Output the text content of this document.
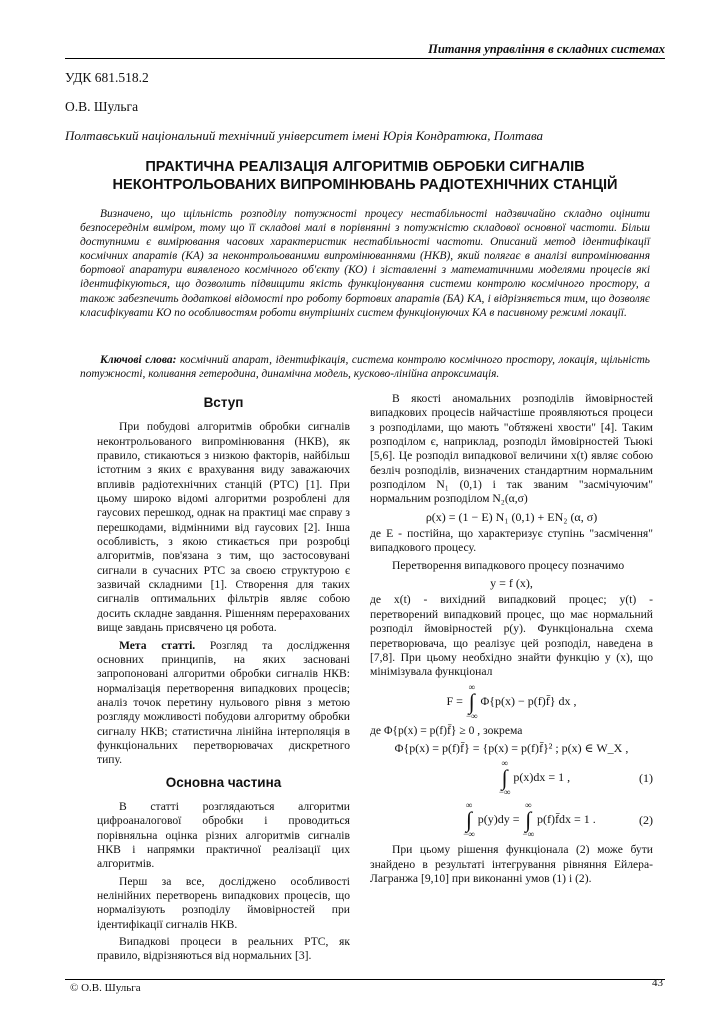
Питання управління в складних системах
УДК 681.518.2
О.В. Шульга
Полтавський національний технічний університет імені Юрія Кондратюка, Полтава
ПРАКТИЧНА РЕАЛІЗАЦІЯ АЛГОРИТМІВ ОБРОБКИ СИГНАЛІВ
НЕКОНТРОЛЬОВАНИХ ВИПРОМІНЮВАНЬ РАДІОТЕХНІЧНИХ СТАНЦІЙ
Визначено, що щільність розподілу потужності процесу нестабільності надзвичайно складно оцінити безпосереднім виміром, тому що її складові малі в порівнянні з потужністю складової основної частоти. Більш доступними є вимірювання часових характеристик нестабільності частоти. Описаний метод ідентифікації космічних апаратів (КА) за неконтрольованими випромінюваннями (НКВ), який полягає в аналізі випромінювання бортової апаратури виявленого космічного об'єкту (КО) і зіставленні з математичними моделями процесів які ідентифікуються, що дозволить підвищити якість функціонування системи контролю космічного простору, а також забезпечить додаткові відомості про роботу бортових апаратів (БА) КА, і відрізняється тим, що дозволяє класифікувати КО по особливостям роботи внутрішніх систем функціонуючих КА в пасивному режимі локації.
Ключові слова: космічний апарат, ідентифікація, система контролю космічного простору, локація, щільність потужності, коливання гетеродина, динамічна модель, кусково-лінійна апроксимація.
Вступ

При побудові алгоритмів обробки сигналів неконтрольованого випромінювання (НКВ), як правило, стикаються з низкою факторів, найбільш істотним з яких є врахування виду заважаючих впливів радіотехнічних станцій (РТС) [1]. При цьому широко відомі алгоритми розроблені для гаусових перешкод, однак на практиці має справу з перешкодами, відмінними від гаусових [2]. Інша особливість, з якою стикається при розробці алгоритмів, пов'язана з тим, що застосовувані сигнали в сучасних РТС за своєю структурою є зазвичай складними [1]. Створення для таких сигналів оптимальних фільтрів являє собою досить складне завдання. Рішенням перерахованих вище завдань присвячено ця робота.

Мета статті. Розгляд та дослідження основних принципів, на яких засновані запропоновані алгоритми обробки сигналів НКВ: нормалізація перетворення випадкових процесів; аналіз точок перетину нульового рівня з метою розгляду можливості побудови алгоритму обробки сигналу НКВ; статистична лінійна інтерполяція в функціональних перетворювачах дискретного типу.

Основна частина

В статті розглядаються алгоритми цифроаналогової обробки і проводиться порівняльна оцінка різних алгоритмів сигналів НКВ і напрямки практичної реалізації цих алгоритмів.

Перш за все, досліджено особливості нелінійних перетворень випадкових процесів, що нормалізують розподілу ймовірностей при ідентифікації сигналів НКВ.

Випадкові процеси в реальних РТС, як правило, відрізняються від нормальних [3].

В якості аномальних розподілів ймовірностей випадкових процесів найчастіше проявляються процеси з розподілами, що мають "обтяжені хвости" [4]. Таким розподілом є, наприклад, розподіл ймовірностей Тьюкі [5,6]. Це розподіл випадкової величини x(t) являє собою безліч розподілів, визначених стандартним нормальним розподілом N₁ (0,1) і так званим "засмічуючим" нормальним розподілом N₂(α,σ)

ρ(x) = (1 − E) N₁ (0,1) + EN₂ (α, σ)

де E - постійна, що характеризує ступінь "засмічення" випадкового процесу.

Перетворення випадкового процесу позначимо

y = f (x),

де x(t) - вихідний випадковий процес; y(t) - перетворений випадковий процес, що має нормальний розподіл ймовірностей p(y). Функціональна схема перетворювача, що реалізує цей розподіл, наведена в [7,8]. При цьому необхідно знайти функцію y (x), що мінімізувала функціонал

F =
∞
∫
−∞
Φ{p(x) − p(f)f̄} dx ,

де Φ{p(x) = p(f)f̄} ≥ 0 , зокрема

Φ{p(x) = p(f)f̄} = {p(x) = p(f)f̄}² ; p(x) ∈ W_X ,
∞
∫
−∞
p(x)dx = 1 ,	(1)
∞
∫
−∞
p(y)dy =
∞
∫
−∞
p(f)f̄dx = 1 .	(2)

При цьому рішення функціонала (2) може бути знайдено в результаті інтегрування рівняння Ейлера-Лагранжа [9,10] при виконанні умов (1) і (2).

© О.В. Шульга	43
